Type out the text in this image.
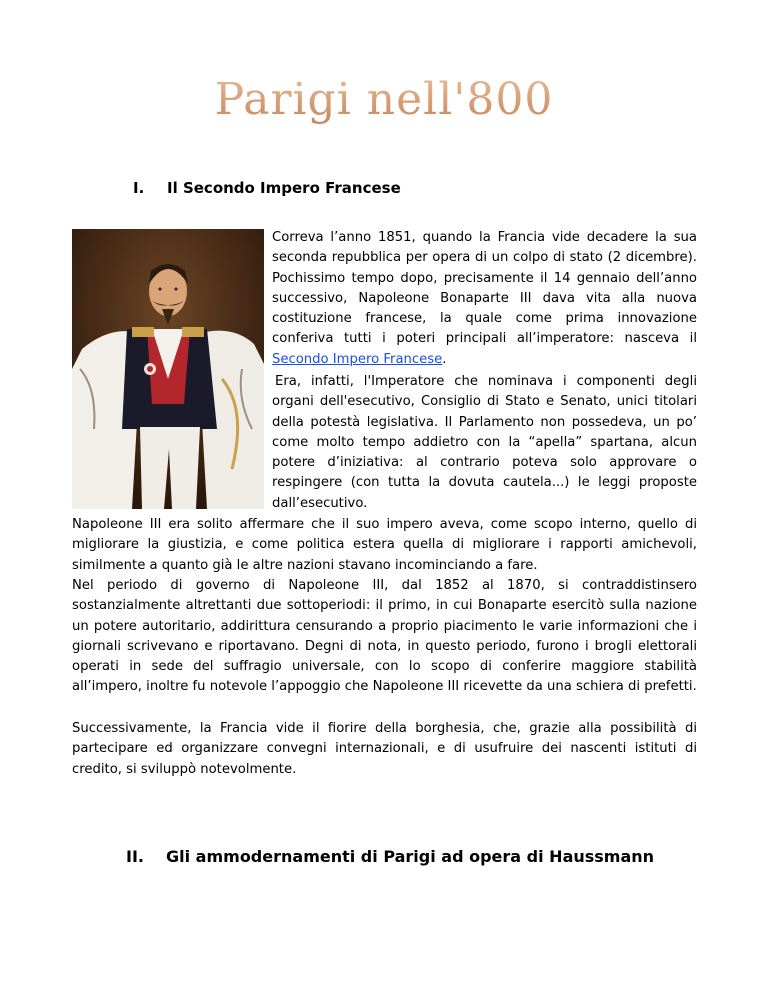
Parigi nell'800
I. Il Secondo Impero Francese

Correva l’anno 1851, quando la Francia vide decadere la sua seconda repubblica per opera di un colpo di stato (2 dicembre). Pochissimo tempo dopo, precisamente il 14 gennaio dell’anno successivo, Napoleone Bonaparte III dava vita alla nuova costituzione francese, la quale come prima innovazione conferiva tutti i poteri principali all’imperatore: nasceva il Secondo Impero Francese.

Era, infatti, l'Imperatore che nominava i componenti degli organi dell'esecutivo, Consiglio di Stato e Senato, unici titolari della potestà legislativa. Il Parlamento non possedeva, un po’ come molto tempo addietro con la “apella” spartana, alcun potere d’iniziativa: al contrario poteva solo approvare o respingere (con tutta la dovuta cautela...) le leggi proposte dall’esecutivo.
Napoleone III era solito affermare che il suo impero aveva, come scopo interno, quello di migliorare la giustizia, e come politica estera quella di migliorare i rapporti amichevoli, similmente a quanto già le altre nazioni stavano incominciando a fare.
Nel periodo di governo di Napoleone III, dal 1852 al 1870, si contraddistinsero sostanzialmente altrettanti due sottoperiodi: il primo, in cui Bonaparte esercitò sulla nazione un potere autoritario, addirittura censurando a proprio piacimento le varie informazioni che i giornali scrivevano e riportavano. Degni di nota, in questo periodo, furono i brogli elettorali operati in sede del suffragio universale, con lo scopo di conferire maggiore stabilità all’impero, inoltre fu notevole l’appoggio che Napoleone III ricevette da una schiera di prefetti.
Successivamente, la Francia vide il fiorire della borghesia, che, grazie alla possibilità di partecipare ed organizzare convegni internazionali, e di usufruire dei nascenti istituti di credito, si sviluppò notevolmente.
II. Gli ammodernamenti di Parigi ad opera di Haussmann
